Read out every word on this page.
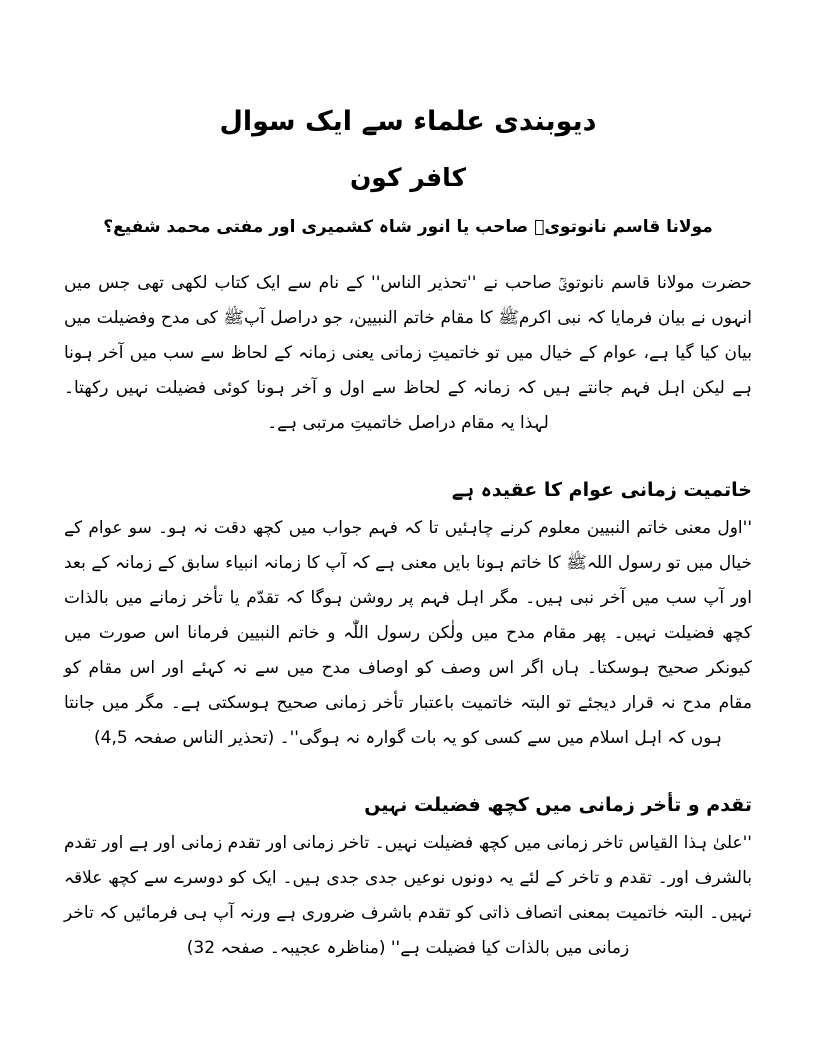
دیوبندی علماء سے ایک سوال
کافر کون
مولانا قاسم نانوتویؒ صاحب یا انور شاہ کشمیری اور مفتی محمد شفیع؟

حضرت مولانا قاسم نانوتویؒ صاحب نے ''تحذیر الناس'' کے نام سے ایک کتاب لکھی تھی جس میں انہوں نے بیان فرمایا کہ نبی اکرمﷺ کا مقام خاتم النبیین، جو دراصل آپﷺ کی مدح وفضیلت میں بیان کیا گیا ہے، عوام کے خیال میں تو خاتمیتِ زمانی یعنی زمانہ کے لحاظ سے سب میں آخر ہونا ہے لیکن اہل فہم جانتے ہیں کہ زمانہ کے لحاظ سے اول و آخر ہونا کوئی فضیلت نہیں رکھتا۔ لہذا یہ مقام دراصل خاتمیتِ مرتبی ہے۔

خاتمیت زمانی عوام کا عقیدہ ہے

''اول معنی خاتم النبیین معلوم کرنے چاہئیں تا کہ فہم جواب میں کچھ دقت نہ ہو۔ سو عوام کے خیال میں تو رسول اللہﷺ کا خاتم ہونا بایں معنی ہے کہ آپ کا زمانہ انبیاء سابق کے زمانہ کے بعد اور آپ سب میں آخر نبی ہیں۔ مگر اہل فہم پر روشن ہوگا کہ تقدّم یا تأخر زمانے میں بالذات کچھ فضیلت نہیں۔ پھر مقام مدح میں ولٰکن رسول اللّٰہ و خاتم النبیین فرمانا اس صورت میں کیونکر صحیح ہوسکتا۔ ہاں اگر اس وصف کو اوصاف مدح میں سے نہ کہئے اور اس مقام کو مقام مدح نہ قرار دیجئے تو البتہ خاتمیت باعتبار تأخر زمانی صحیح ہوسکتی ہے۔ مگر میں جانتا ہوں کہ اہل اسلام میں سے کسی کو یہ بات گوارہ نہ ہوگی''۔ (تحذیر الناس صفحہ 4,5)

تقدم و تأخر زمانی میں کچھ فضیلت نہیں

''علیٰ ہذا القیاس تاخر زمانی میں کچھ فضیلت نہیں۔ تاخر زمانی اور تقدم زمانی اور ہے اور تقدم بالشرف اور۔ تقدم و تاخر کے لئے یہ دونوں نوعیں جدی جدی ہیں۔ ایک کو دوسرے سے کچھ علاقہ نہیں۔ البتہ خاتمیت بمعنی اتصاف ذاتی کو تقدم باشرف ضروری ہے ورنہ آپ ہی فرمائیں کہ تاخر زمانی میں بالذات کیا فضیلت ہے'' (مناظرہ عجیبہ۔ صفحہ 32)
